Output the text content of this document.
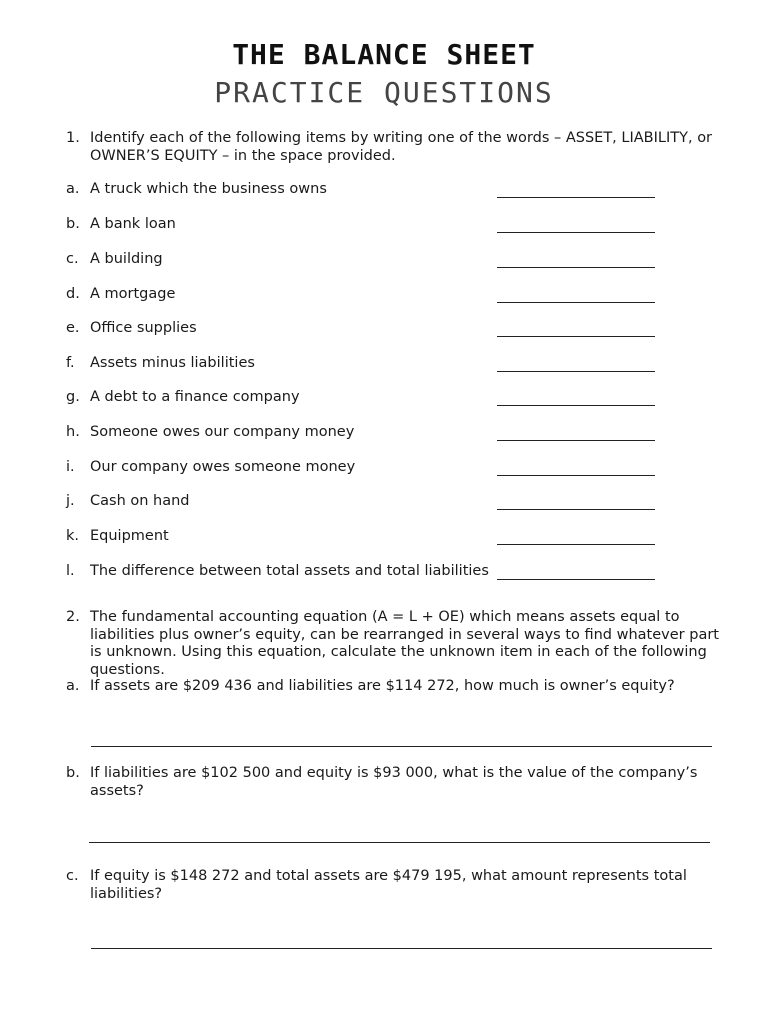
THE BALANCE SHEET
PRACTICE QUESTIONS
1. Identify each of the following items by writing one of the words – ASSET, LIABILITY, or OWNER’S EQUITY – in the space provided.
a. A truck which the business owns
b. A bank loan
c. A building
d. A mortgage
e. Office supplies
f. Assets minus liabilities
g. A debt to a finance company
h. Someone owes our company money
i. Our company owes someone money
j. Cash on hand
k. Equipment
l. The difference between total assets and total liabilities
2. The fundamental accounting equation (A = L + OE) which means assets equal to liabilities plus owner’s equity, can be rearranged in several ways to find whatever part is unknown. Using this equation, calculate the unknown item in each of the following questions.
a. If assets are $209 436 and liabilities are $114 272, how much is owner’s equity?
b. If liabilities are $102 500 and equity is $93 000, what is the value of the company’s assets?
c. If equity is $148 272 and total assets are $479 195, what amount represents total liabilities?
